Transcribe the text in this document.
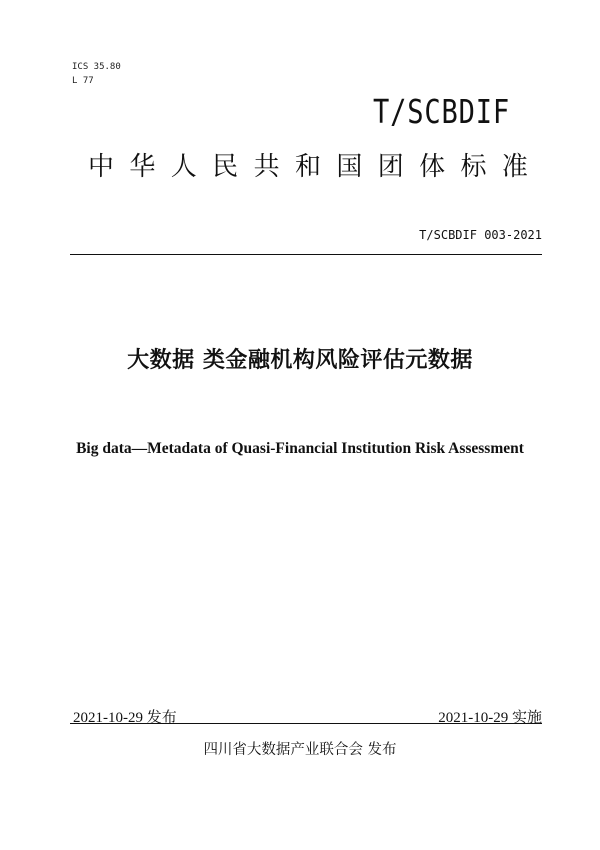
ICS 35.80
L 77
T/SCBDIF
中 华 人 民 共 和 国 团 体 标 准
T/SCBDIF 003-2021
大数据 类金融机构风险评估元数据
Big data—Metadata of Quasi-Financial Institution Risk Assessment
2021-10-29 发布	2021-10-29 实施
四川省大数据产业联合会 发布
